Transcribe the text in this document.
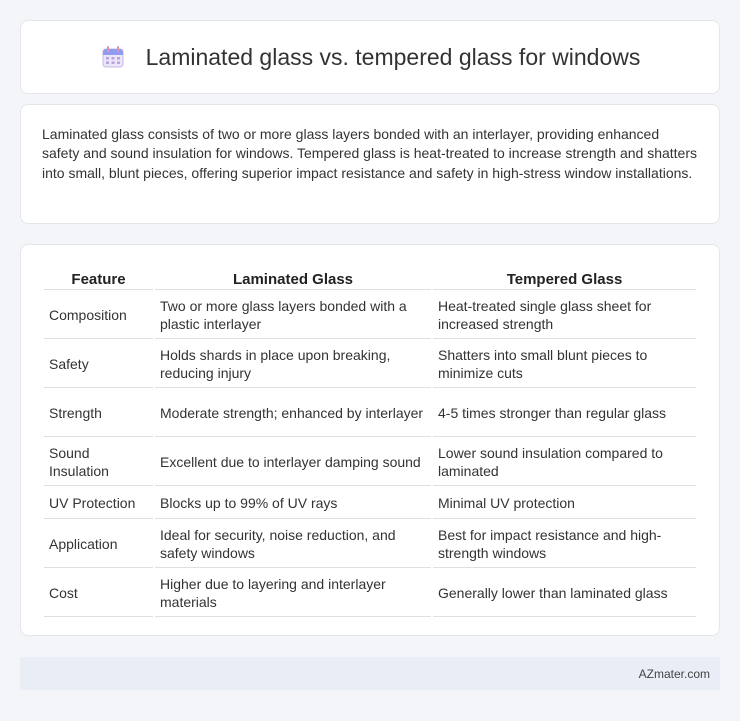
Laminated glass vs. tempered glass for windows

Laminated glass consists of two or more glass layers bonded with an interlayer, providing enhanced safety and sound insulation for windows. Tempered glass is heat-treated to increase strength and shatters into small, blunt pieces, offering superior impact resistance and safety in high-stress window installations.

Feature	Laminated Glass	Tempered Glass
Composition	Two or more glass layers bonded with a plastic interlayer	Heat-treated single glass sheet for increased strength
Safety	Holds shards in place upon breaking, reducing injury	Shatters into small blunt pieces to minimize cuts
Strength	Moderate strength; enhanced by interlayer	4-5 times stronger than regular glass
Sound Insulation	Excellent due to interlayer damping sound	Lower sound insulation compared to laminated
UV Protection	Blocks up to 99% of UV rays	Minimal UV protection
Application	Ideal for security, noise reduction, and safety windows	Best for impact resistance and high-strength windows
Cost	Higher due to layering and interlayer materials	Generally lower than laminated glass
AZmater.com
